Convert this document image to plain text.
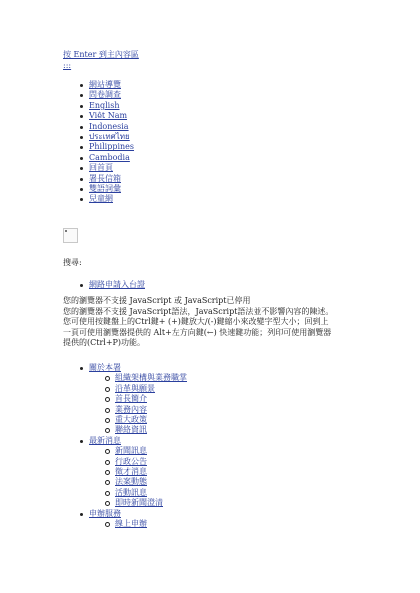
按 Enter 到主內容區
:::
網站導覽
問卷調查
English
Việt Nam
Indonesia
ประเทศไทย
Philippines
Cambodia
回首頁
署長信箱
雙語詞彙
兒童網
搜尋:
網路申請入台證
您的瀏覽器不支援 JavaScript 或 JavaScript已停用
您的瀏覽器不支援 JavaScript語法，JavaScript語法並不影響內容的陳述。
您可使用按鍵盤上的Ctrl鍵+ (+)鍵放大/(-)鍵縮小來改變字型大小；回到上
一頁可使用瀏覽器提供的 Alt+左方向鍵(←) 快速鍵功能；列印可使用瀏覽器
提供的(Ctrl+P)功能。
關於本署
組織架構與業務職掌
沿革與願景
首長簡介
業務內容
重大政策
聯絡資訊
最新消息
新聞訊息
行政公告
徵才消息
法案動態
活動訊息
即時新聞澄清
申辦服務
線上申辦
